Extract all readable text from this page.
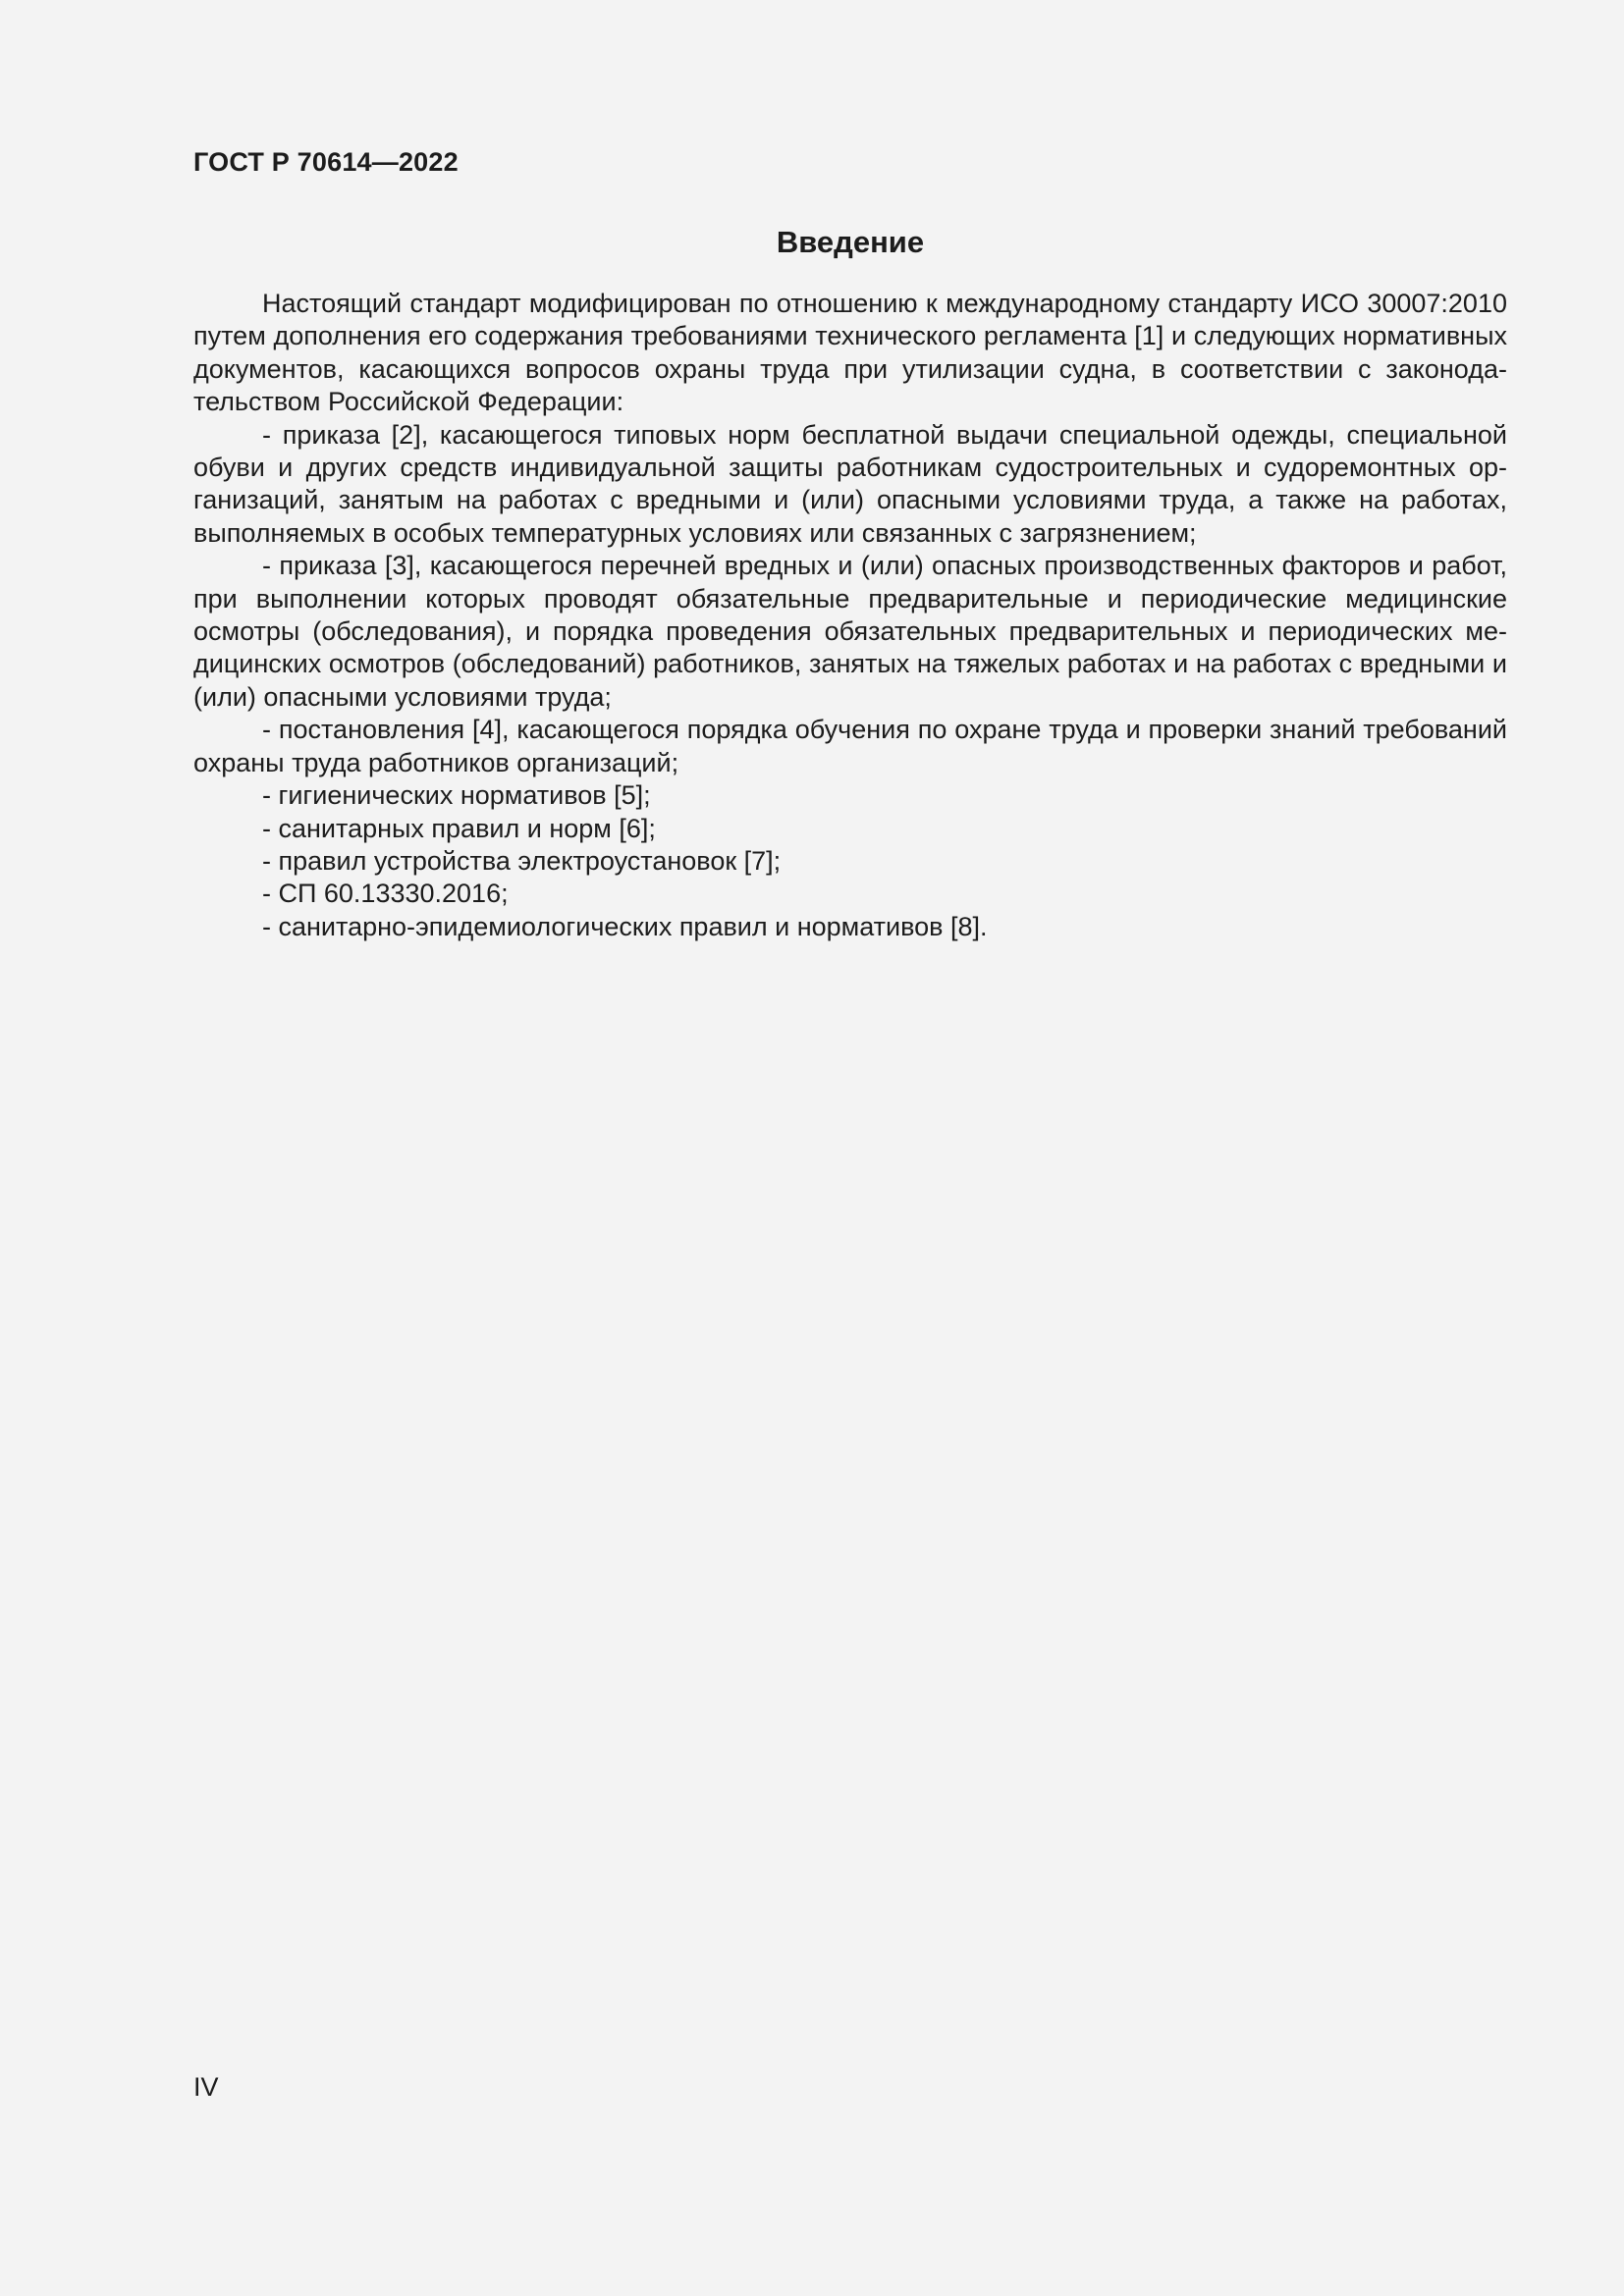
ГОСТ Р 70614—2022
Введение

Настоящий стандарт модифицирован по отношению к международному стандарту ИСО 30007:2010 путем дополнения его содержания требованиями технического регламента [1] и следующих нормативных документов, касающихся вопросов охраны труда при утилизации судна, в соответствии с законодательством Российской Федерации:

- приказа [2], касающегося типовых норм бесплатной выдачи специальной одежды, специальной обуви и других средств индивидуальной защиты работникам судостроительных и судоремонтных организаций, занятым на работах с вредными и (или) опасными условиями труда, а также на работах, выполняемых в особых температурных условиях или связанных с загрязнением;

- приказа [3], касающегося перечней вредных и (или) опасных производственных факторов и работ, при выполнении которых проводят обязательные предварительные и периодические медицинские осмотры (обследования), и порядка проведения обязательных предварительных и периодических медицинских осмотров (обследований) работников, занятых на тяжелых работах и на работах с вредными и (или) опасными условиями труда;

- постановления [4], касающегося порядка обучения по охране труда и проверки знаний требований охраны труда работников организаций;

- гигиенических нормативов [5];

- санитарных правил и норм [6];

- правил устройства электроустановок [7];

- СП 60.13330.2016;

- санитарно-эпидемиологических правил и нормативов [8].

IV
